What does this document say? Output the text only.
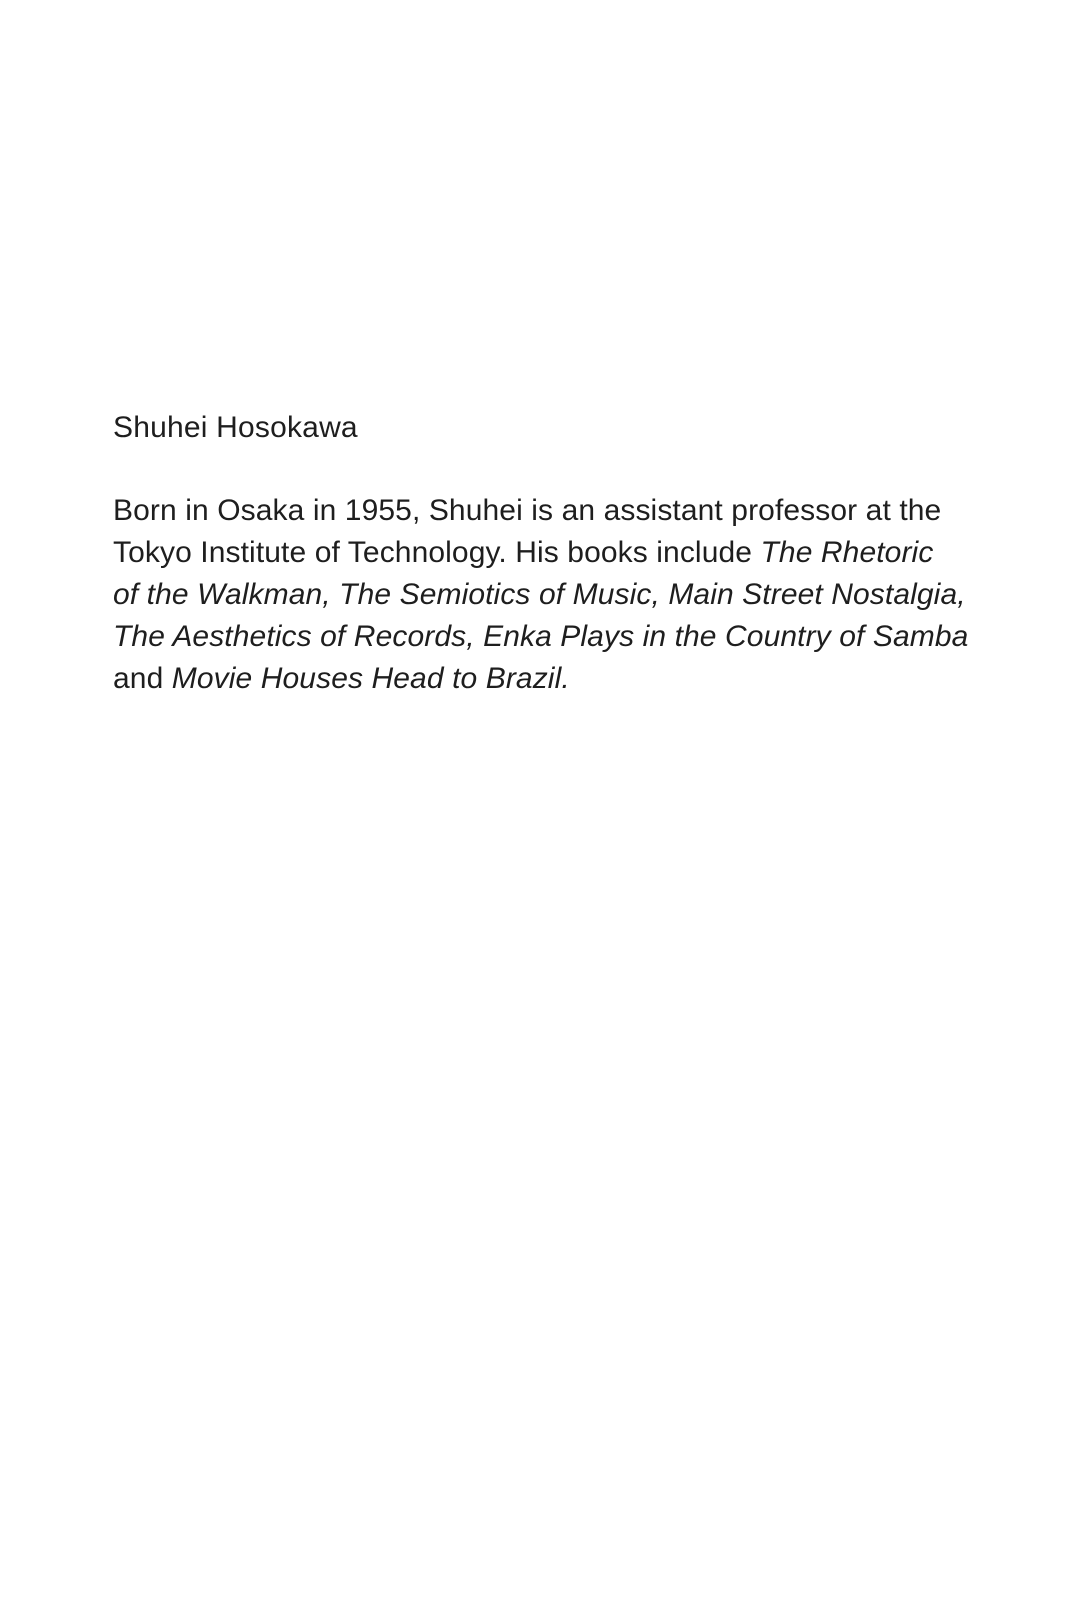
Shuhei Hosokawa

Born in Osaka in 1955, Shuhei is an assistant professor at the
Tokyo Institute of Technology. His books include The Rhetoric
of the Walkman, The Semiotics of Music, Main Street Nostalgia,
The Aesthetics of Records, Enka Plays in the Country of Samba
and Movie Houses Head to Brazil.
